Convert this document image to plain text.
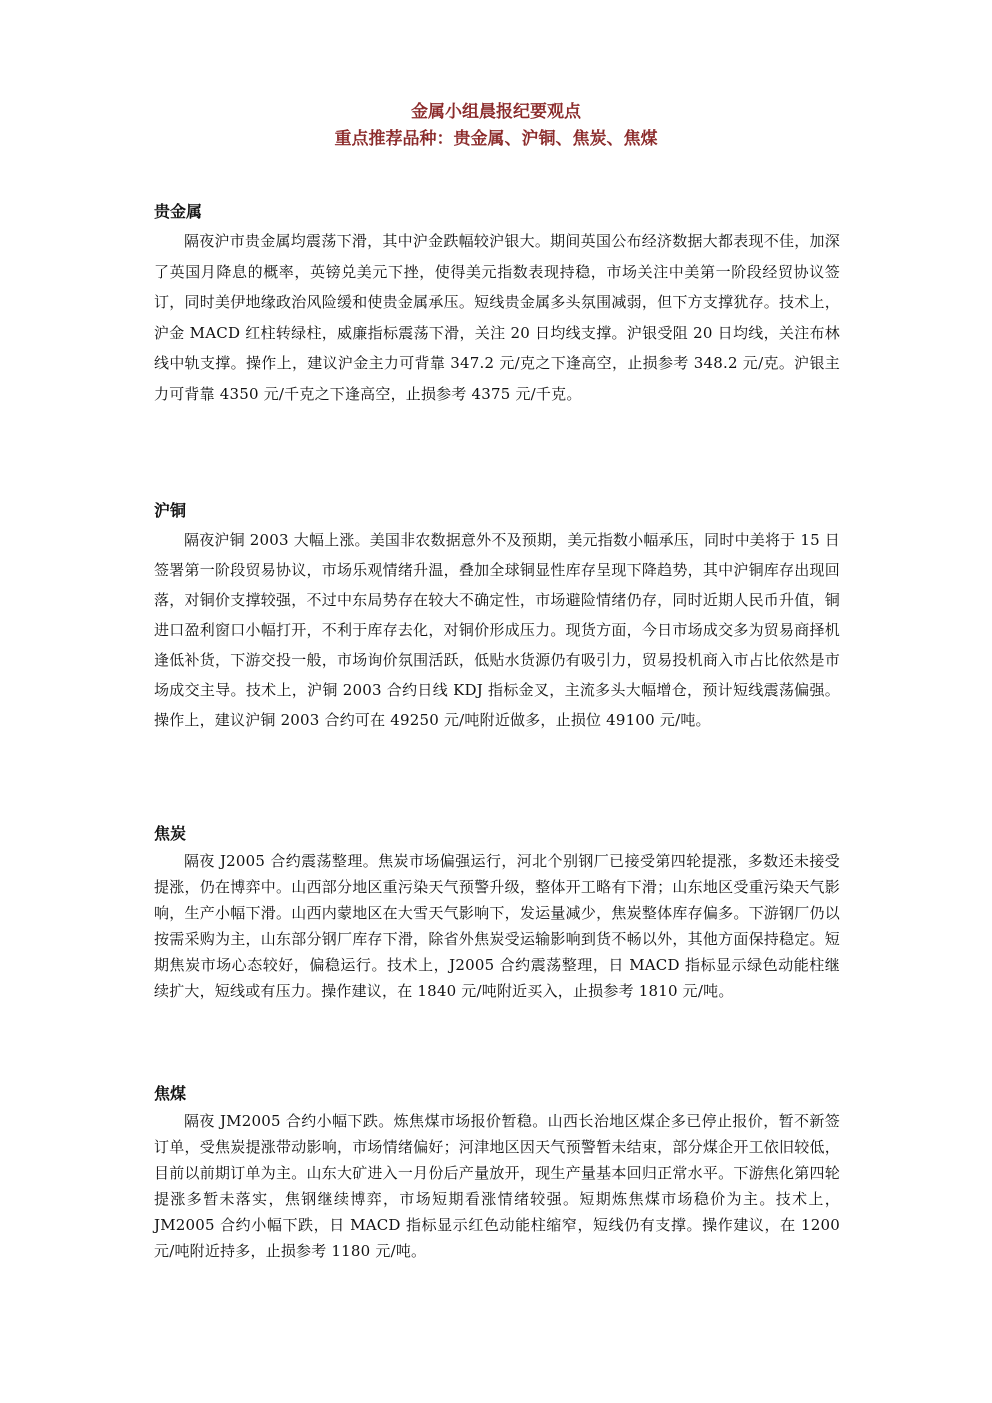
金属小组晨报纪要观点
重点推荐品种：贵金属、沪铜、焦炭、焦煤
贵金属

隔夜沪市贵金属均震荡下滑，其中沪金跌幅较沪银大。期间英国公布经济数据大都表现不佳，加深了英国月降息的概率，英镑兑美元下挫，使得美元指数表现持稳，市场关注中美第一阶段经贸协议签订，同时美伊地缘政治风险缓和使贵金属承压。短线贵金属多头氛围减弱，但下方支撑犹存。技术上，沪金 MACD 红柱转绿柱，威廉指标震荡下滑，关注 20 日均线支撑。沪银受阻 20 日均线，关注布林线中轨支撑。操作上，建议沪金主力可背靠 347.2 元/克之下逢高空，止损参考 348.2 元/克。沪银主力可背靠 4350 元/千克之下逢高空，止损参考 4375 元/千克。

沪铜

隔夜沪铜 2003 大幅上涨。美国非农数据意外不及预期，美元指数小幅承压，同时中美将于 15 日签署第一阶段贸易协议，市场乐观情绪升温，叠加全球铜显性库存呈现下降趋势，其中沪铜库存出现回落，对铜价支撑较强，不过中东局势存在较大不确定性，市场避险情绪仍存，同时近期人民币升值，铜进口盈利窗口小幅打开，不利于库存去化，对铜价形成压力。现货方面，今日市场成交多为贸易商择机逢低补货，下游交投一般，市场询价氛围活跃，低贴水货源仍有吸引力，贸易投机商入市占比依然是市场成交主导。技术上，沪铜 2003 合约日线 KDJ 指标金叉，主流多头大幅增仓，预计短线震荡偏强。操作上，建议沪铜 2003 合约可在 49250 元/吨附近做多，止损位 49100 元/吨。

焦炭

隔夜 J2005 合约震荡整理。焦炭市场偏强运行，河北个别钢厂已接受第四轮提涨，多数还未接受提涨，仍在博弈中。山西部分地区重污染天气预警升级，整体开工略有下滑；山东地区受重污染天气影响，生产小幅下滑。山西内蒙地区在大雪天气影响下，发运量减少，焦炭整体库存偏多。下游钢厂仍以按需采购为主，山东部分钢厂库存下滑，除省外焦炭受运输影响到货不畅以外，其他方面保持稳定。短期焦炭市场心态较好，偏稳运行。技术上，J2005 合约震荡整理，日 MACD 指标显示绿色动能柱继续扩大，短线或有压力。操作建议，在 1840 元/吨附近买入，止损参考 1810 元/吨。

焦煤

隔夜 JM2005 合约小幅下跌。炼焦煤市场报价暂稳。山西长治地区煤企多已停止报价，暂不新签订单，受焦炭提涨带动影响，市场情绪偏好；河津地区因天气预警暂未结束，部分煤企开工依旧较低，目前以前期订单为主。山东大矿进入一月份后产量放开，现生产量基本回归正常水平。下游焦化第四轮提涨多暂未落实，焦钢继续博弈，市场短期看涨情绪较强。短期炼焦煤市场稳价为主。技术上，JM2005 合约小幅下跌，日 MACD 指标显示红色动能柱缩窄，短线仍有支撑。操作建议，在 1200 元/吨附近持多，止损参考 1180 元/吨。
